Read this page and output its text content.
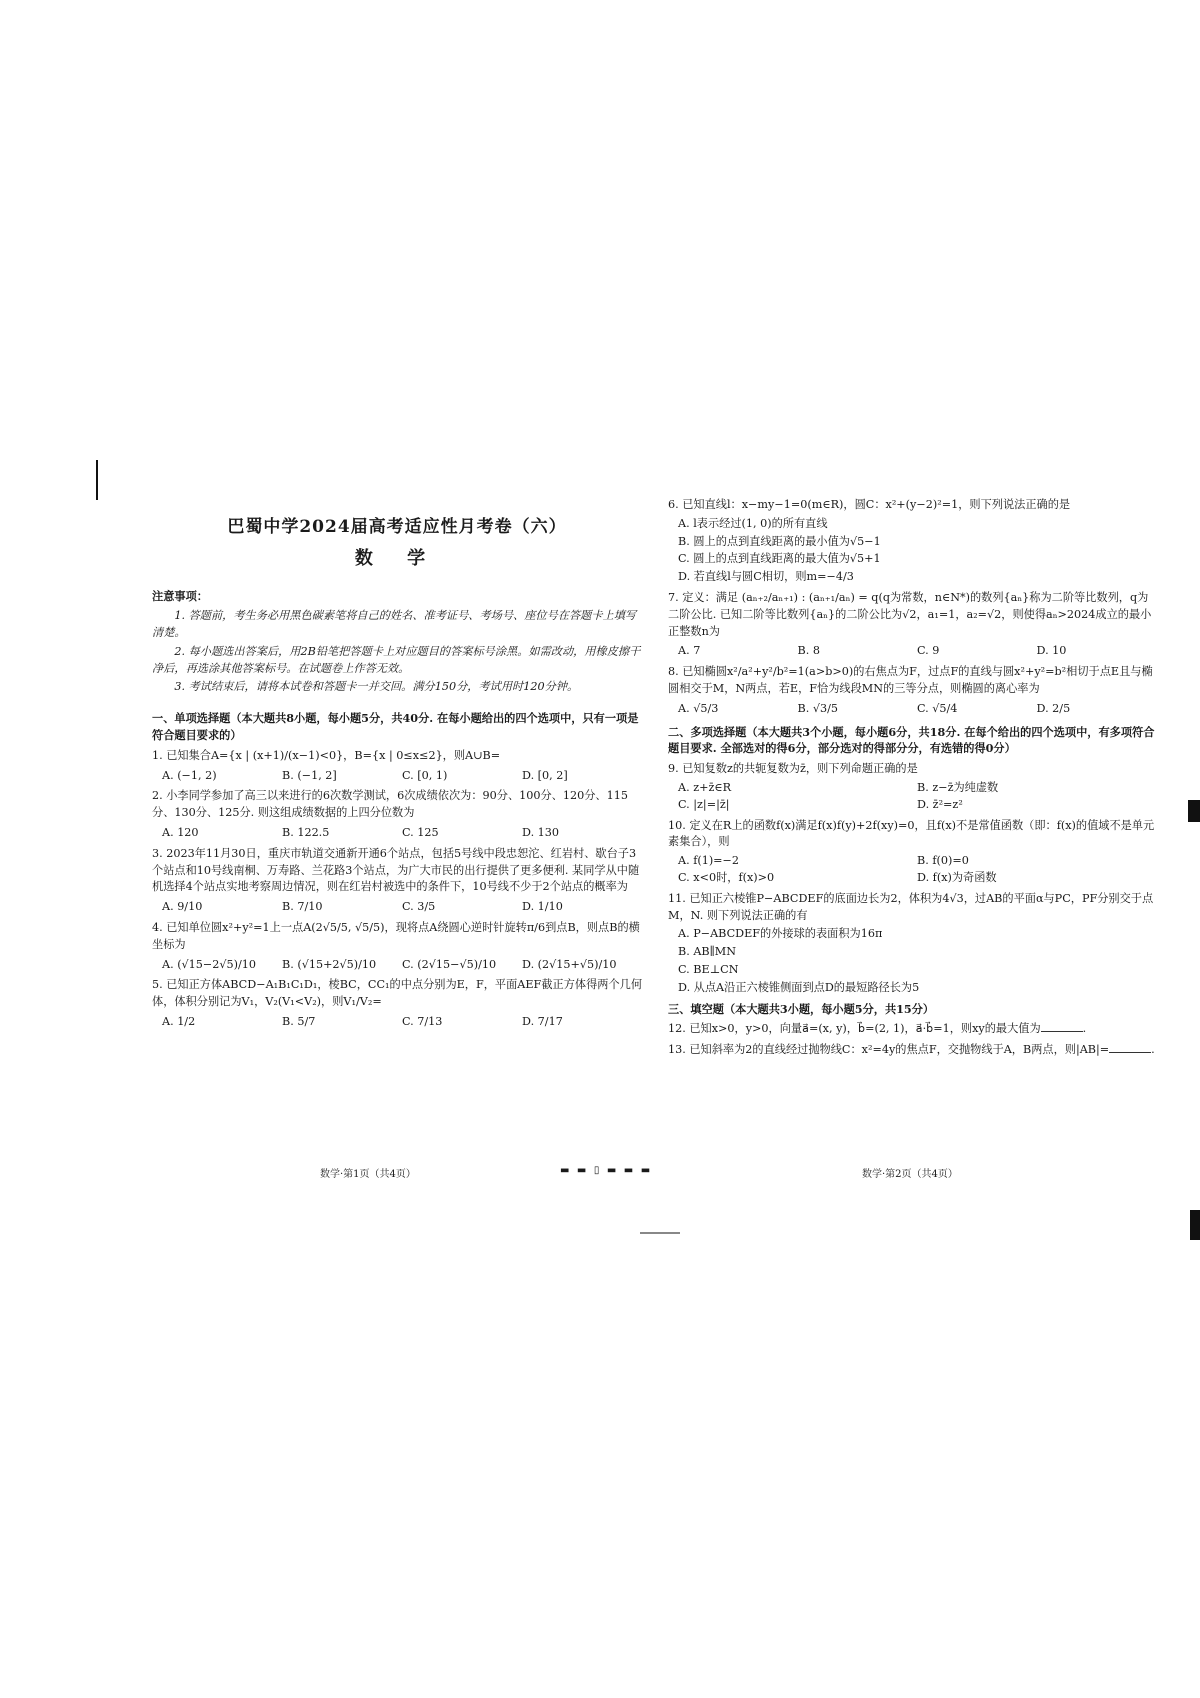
巴蜀中学2024届高考适应性月考卷（六）
数 学
注意事项：

1. 答题前，考生务必用黑色碳素笔将自己的姓名、准考证号、考场号、座位号在答题卡上填写清楚。

2. 每小题选出答案后，用2B铅笔把答题卡上对应题目的答案标号涂黑。如需改动，用橡皮擦干净后，再选涂其他答案标号。在试题卷上作答无效。

3. 考试结束后，请将本试卷和答题卡一并交回。满分150分，考试用时120分钟。

一、单项选择题（本大题共8小题，每小题5分，共40分. 在每小题给出的四个选项中，只有一项是符合题目要求的）

1. 已知集合A={x | (x+1)/(x−1)<0}，B={x | 0≤x≤2}，则A∪B=

A. (−1, 2)	B. (−1, 2]	C. [0, 1)	D. [0, 2]

2. 小李同学参加了高三以来进行的6次数学测试，6次成绩依次为：90分、100分、120分、115分、130分、125分. 则这组成绩数据的上四分位数为

A. 120	B. 122.5	C. 125	D. 130

3. 2023年11月30日，重庆市轨道交通新开通6个站点，包括5号线中段忠恕沱、红岩村、歇台子3个站点和10号线南桐、万寿路、兰花路3个站点，为广大市民的出行提供了更多便利. 某同学从中随机选择4个站点实地考察周边情况，则在红岩村被选中的条件下，10号线不少于2个站点的概率为

A. 9/10	B. 7/10	C. 3/5	D. 1/10

4. 已知单位圆x²+y²=1上一点A(2√5/5, √5/5)，现将点A绕圆心逆时针旋转π/6到点B，则点B的横坐标为

A. (√15−2√5)/10	B. (√15+2√5)/10	C. (2√15−√5)/10	D. (2√15+√5)/10

5. 已知正方体ABCD−A₁B₁C₁D₁，棱BC，CC₁的中点分别为E，F，平面AEF截正方体得两个几何体，体积分别记为V₁，V₂(V₁<V₂)，则V₁/V₂=

A. 1/2	B. 5/7	C. 7/13	D. 7/17

6. 已知直线l：x−my−1=0(m∈R)，圆C：x²+(y−2)²=1，则下列说法正确的是

A. l表示经过(1, 0)的所有直线
B. 圆上的点到直线距离的最小值为√5−1
C. 圆上的点到直线距离的最大值为√5+1
D. 若直线l与圆C相切，则m=−4/3

7. 定义：满足 (aₙ₊₂/aₙ₊₁) : (aₙ₊₁/aₙ) = q(q为常数，n∈N*)的数列{aₙ}称为二阶等比数列，q为二阶公比. 已知二阶等比数列{aₙ}的二阶公比为√2，a₁=1，a₂=√2，则使得aₙ>2024成立的最小正整数n为

A. 7	B. 8	C. 9	D. 10

8. 已知椭圆x²/a²+y²/b²=1(a>b>0)的右焦点为F，过点F的直线与圆x²+y²=b²相切于点E且与椭圆相交于M，N两点，若E，F恰为线段MN的三等分点，则椭圆的离心率为

A. √5/3	B. √3/5	C. √5/4	D. 2/5
二、多项选择题（本大题共3个小题，每小题6分，共18分. 在每个给出的四个选项中，有多项符合题目要求. 全部选对的得6分，部分选对的得部分分，有选错的得0分）

9. 已知复数z的共轭复数为z̄，则下列命题正确的是

A. z+z̄∈R	B. z−z̄为纯虚数
C. |z|=|z̄|	D. z̄²=z²

10. 定义在R上的函数f(x)满足f(x)f(y)+2f(xy)=0，且f(x)不是常值函数（即：f(x)的值域不是单元素集合），则

A. f(1)=−2	B. f(0)=0
C. x<0时，f(x)>0	D. f(x)为奇函数

11. 已知正六棱锥P−ABCDEF的底面边长为2，体积为4√3，过AB的平面α与PC，PF分别交于点M，N. 则下列说法正确的有

A. P−ABCDEF的外接球的表面积为16π
B. AB∥MN
C. BE⊥CN
D. 从点A沿正六棱锥侧面到点D的最短路径长为5
三、填空题（本大题共3小题，每小题5分，共15分）
12. 已知x>0，y>0，向量a⃗=(x, y)，b⃗=(2, 1)，a⃗·b⃗=1，则xy的最大值为	.
13. 已知斜率为2的直线经过抛物线C：x²=4y的焦点F，交抛物线于A，B两点，则|AB|=	.
数学·第1页（共4页）	▬ ▬ ▯ ▬ ▬ ▬	数学·第2页（共4页）
